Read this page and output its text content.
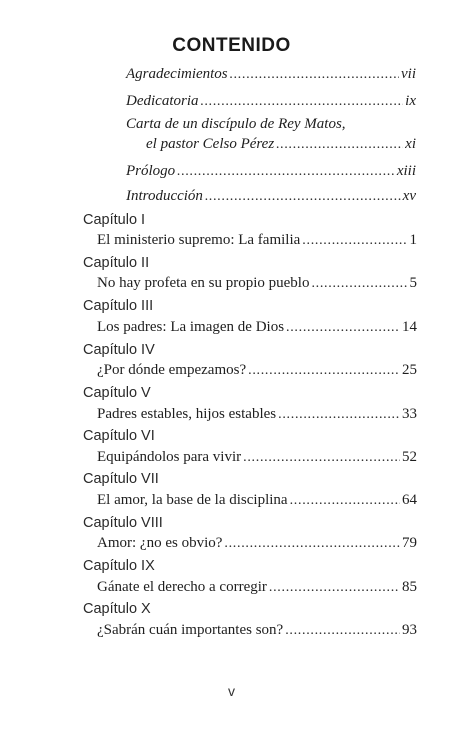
CONTENIDO
Agradecimientos . . .	vii
Dedicatoria . . .	ix
Carta de un discípulo de Rey Matos,
el pastor Celso Pérez . . .	xi
Prólogo . . .	xiii
Introducción . . .	xv
Capítulo I
El ministerio supremo: La familia . . .	1
Capítulo II
No hay profeta en su propio pueblo . . .	5
Capítulo III
Los padres: La imagen de Dios . . .	14
Capítulo IV
¿Por dónde empezamos? . . .	25
Capítulo V
Padres estables, hijos estables . . .	33
Capítulo VI
Equipándolos para vivir . . .	52
Capítulo VII
El amor, la base de la disciplina . . .	64
Capítulo VIII
Amor: ¿no es obvio? . . .	79
Capítulo IX
Gánate el derecho a corregir . . .	85
Capítulo X
¿Sabrán cuán importantes son? . . .	93
v
